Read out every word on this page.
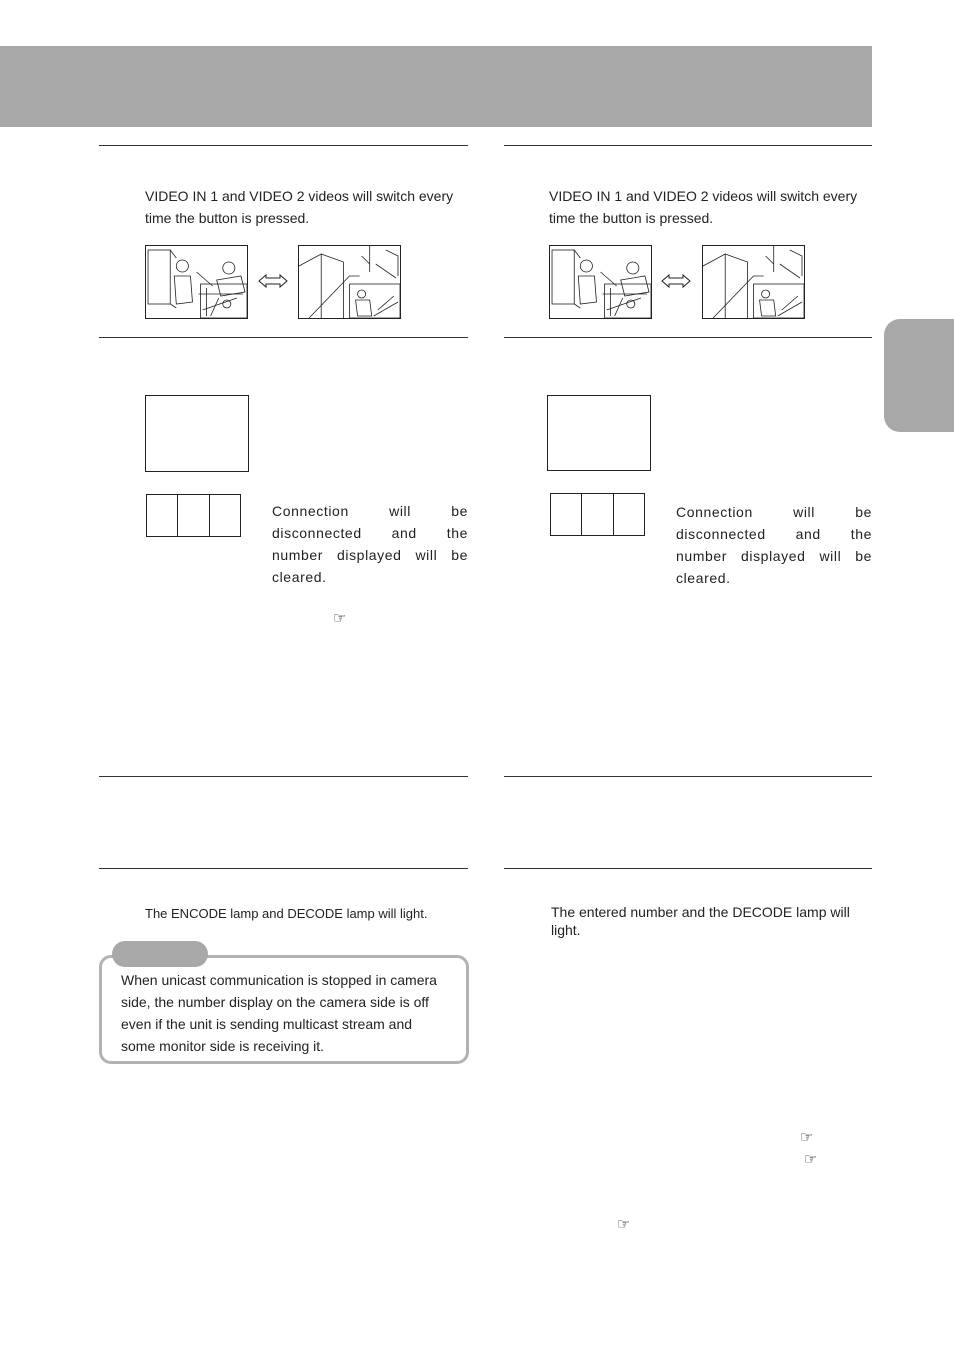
VIDEO IN 1 and VIDEO 2 videos will switch every time the button is pressed.
Connection will be disconnected and the number displayed will be cleared.
☞
The ENCODE lamp and DECODE lamp will light.
When unicast communication is stopped in camera side, the number display on the camera side is off even if the unit is sending multicast stream and some monitor side is receiving it.
VIDEO IN 1 and VIDEO 2 videos will switch every time the button is pressed.
Connection will be disconnected and the number displayed will be cleared.
The entered number and the DECODE lamp will light.
☞
☞
☞
